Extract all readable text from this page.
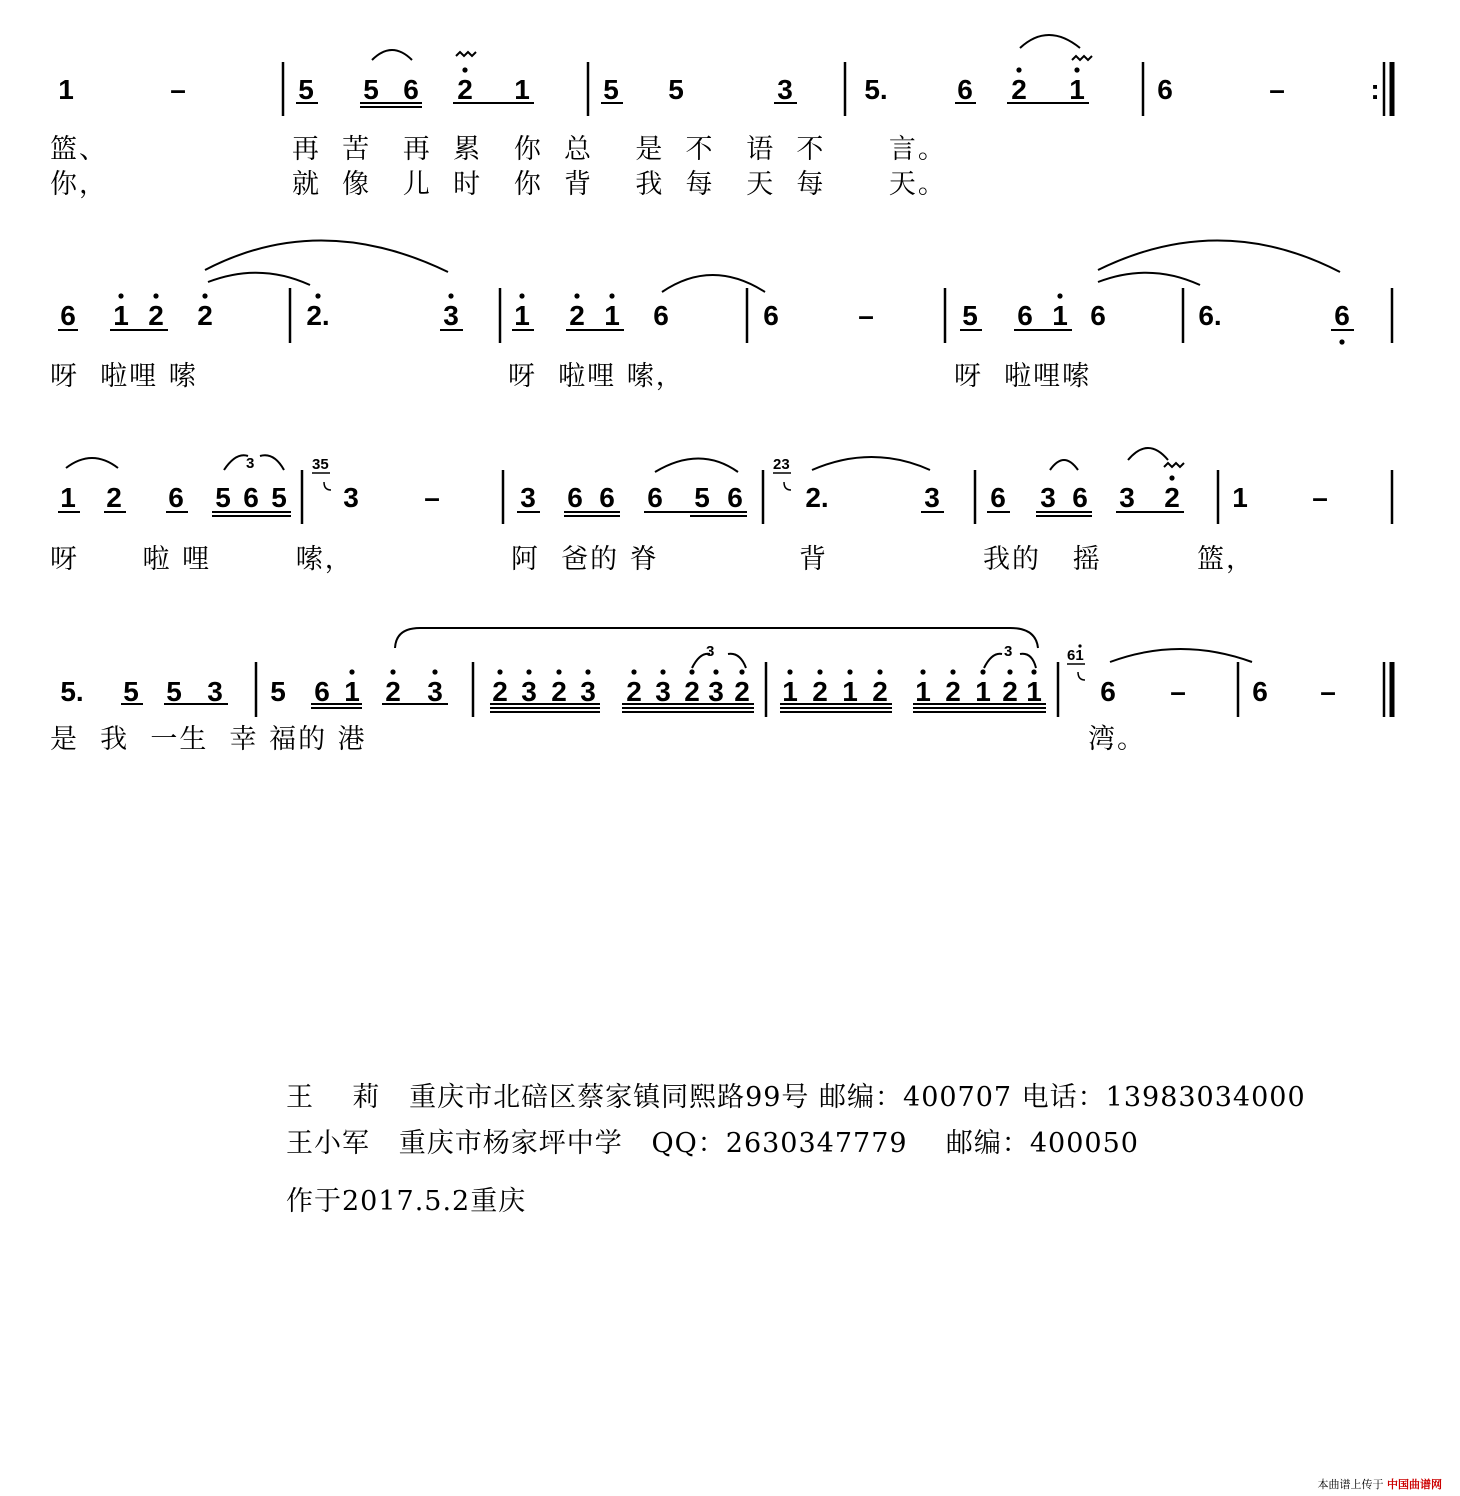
1	–	5 5 6 2 1	5 5	3	5. 6 2 1	6	–	:
篮、	再  苦   再  累   你  总    是  不   语  不      言。
你，	就  像   儿  时   你  背    我  每   天  每      天。
6 1 2 2	2.	3 1 2 1 6	6	–	5 6 1 6	6.	6
呀  啦哩 嗦	呀  啦哩 嗦，	呀  啦哩嗦
1 2 6 5 6 5 3 –	3 6 6 6 5 6 2.	3 6 3 6 3 2 1 –
呀      啦 哩        嗦，	阿  爸的 脊	背	我的   摇         篮，
5. 5 5 3 5 6 1 2 3 2 3 2 3 2 3 2 3 2 1 2 1 2 1 2 1 2 1 6 – 6 –
是  我  一生  幸 福的 港	湾。
35	23
61
3
3	3
王    莉   重庆市北碚区蔡家镇同熙路99号 邮编：400707 电话：13983034000
王小军   重庆市杨家坪中学   QQ：2630347779    邮编：400050
作于2017.5.2重庆
本曲谱上传于 中国曲谱网
